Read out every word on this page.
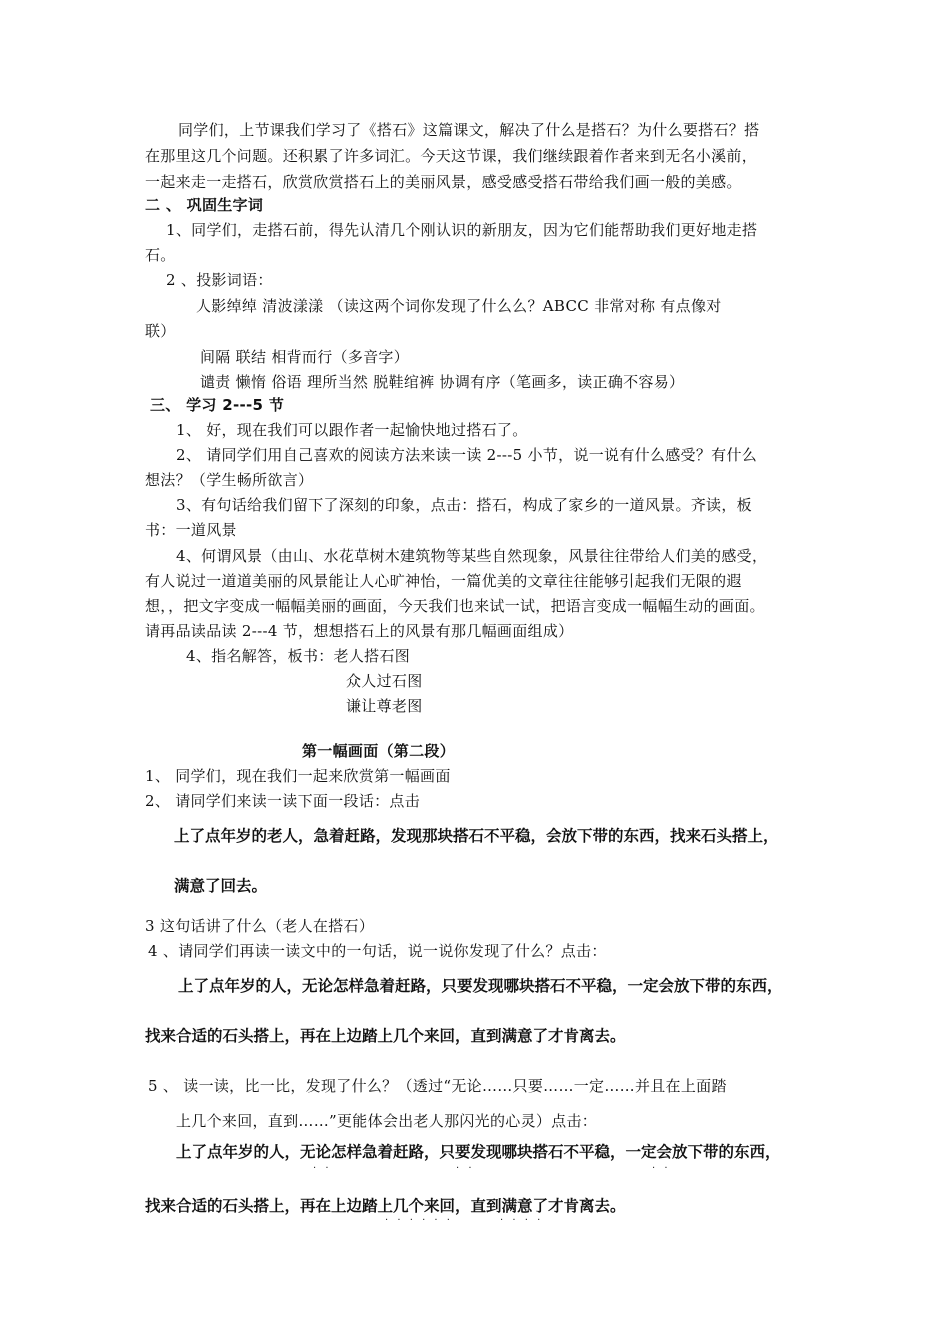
同学们，上节课我们学习了《搭石》这篇课文，解决了什么是搭石？为什么要搭石？搭
在那里这几个问题。还积累了许多词汇。今天这节课，我们继续跟着作者来到无名小溪前，
一起来走一走搭石，欣赏欣赏搭石上的美丽风景，感受感受搭石带给我们画一般的美感。
二 、 巩固生字词
1、同学们，走搭石前，得先认清几个刚认识的新朋友，因为它们能帮助我们更好地走搭
石。
2 、投影词语：
人影绰绰 清波漾漾 （读这两个词你发现了什么么？ABCC 非常对称 有点像对
联）
间隔 联结 相背而行（多音字）
谴责 懒惰 俗语 理所当然 脱鞋绾裤 协调有序（笔画多，读正确不容易）
三、 学习 2---5 节
1、 好，现在我们可以跟作者一起愉快地过搭石了。
2、 请同学们用自己喜欢的阅读方法来读一读 2---5 小节，说一说有什么感受？有什么
想法？（学生畅所欲言）
3、有句话给我们留下了深刻的印象，点击：搭石，构成了家乡的一道风景。齐读，板
书：一道风景
4、何谓风景（由山、水花草树木建筑物等某些自然现象，风景往往带给人们美的感受，
有人说过一道道美丽的风景能让人心旷神怡，一篇优美的文章往往能够引起我们无限的遐
想，，把文字变成一幅幅美丽的画面，今天我们也来试一试，把语言变成一幅幅生动的画面。
请再品读品读 2---4 节，想想搭石上的风景有那几幅画面组成）
4、指名解答，板书：老人搭石图
众人过石图
谦让尊老图
第一幅画面（第二段）
1、 同学们，现在我们一起来欣赏第一幅画面
2、 请同学们来读一读下面一段话：点击
上了点年岁的老人，急着赶路，发现那块搭石不平稳，会放下带的东西，找来石头搭上，
满意了回去。
3 这句话讲了什么（老人在搭石）
4 、请同学们再读一读文中的一句话，说一说你发现了什么？点击：
上了点年岁的人，无论怎样急着赶路，只要发现哪块搭石不平稳，一定会放下带的东西，
找来合适的石头搭上，再在上边踏上几个来回，直到满意了才肯离去。
5 、 读一读，比一比，发现了什么？（透过“无论……只要……一定……并且在上面踏
上几个来回，直到……”更能体会出老人那闪光的心灵）点击：
上了点年岁的人，无论怎样急着赶路，只要发现哪块搭石不平稳，一定会放下带的东西，
· ·	· ·	· ·
找来合适的石头搭上，再在上边踏上几个来回，直到满意了才肯离去。
· · · · · ·	· · · ·
